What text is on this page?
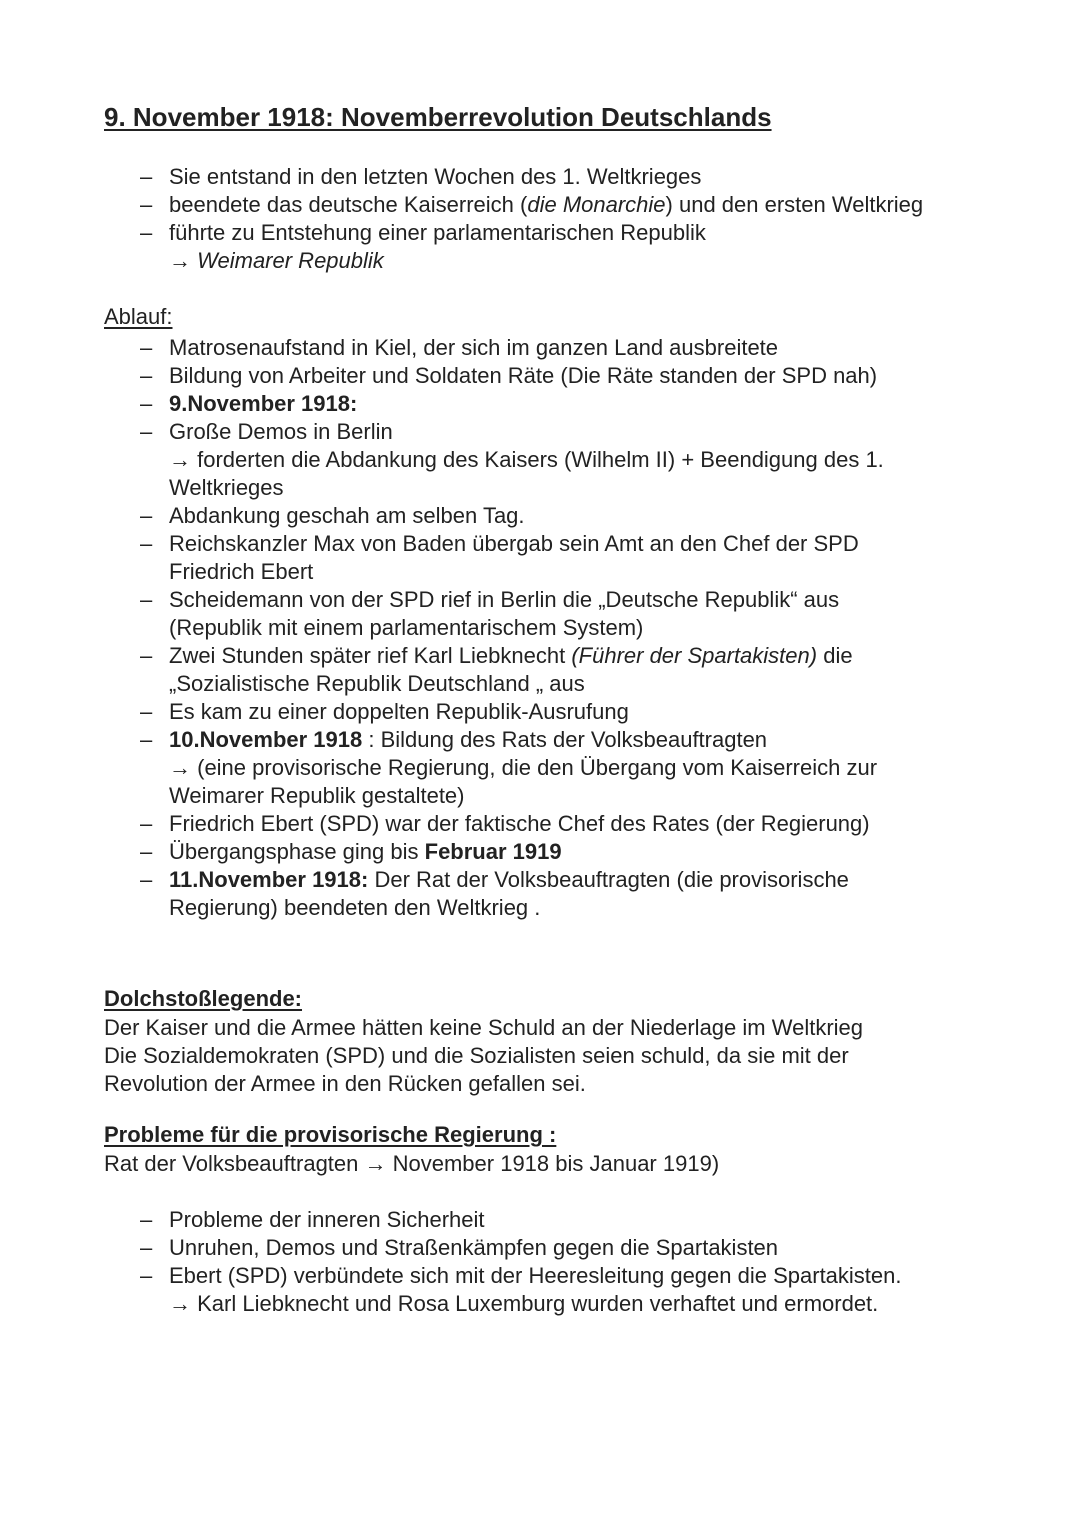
9. November 1918: Novemberrevolution Deutschlands
– Sie entstand in den letzten Wochen des 1. Weltkrieges
– beendete das deutsche Kaiserreich (die Monarchie) und den ersten Weltkrieg
– führte zu Entstehung einer parlamentarischen Republik
→ Weimarer Republik
Ablauf:
– Matrosenaufstand in Kiel, der sich im ganzen Land ausbreitete
– Bildung von Arbeiter und Soldaten Räte (Die Räte standen der SPD nah)
– 9.November 1918:
– Große Demos in Berlin
→ forderten die Abdankung des Kaisers (Wilhelm II) + Beendigung des 1. Weltkrieges
– Abdankung geschah am selben Tag.
– Reichskanzler Max von Baden übergab sein Amt an den Chef der SPD Friedrich Ebert
– Scheidemann von der SPD rief in Berlin die „Deutsche Republik“ aus (Republik mit einem parlamentarischem System)
– Zwei Stunden später rief Karl Liebknecht (Führer der Spartakisten) die „Sozialistische Republik Deutschland „ aus
– Es kam zu einer doppelten Republik-Ausrufung
– 10.November 1918 : Bildung des Rats der Volksbeauftragten
→ (eine provisorische Regierung, die den Übergang vom Kaiserreich zur Weimarer Republik gestaltete)
– Friedrich Ebert (SPD) war der faktische Chef des Rates (der Regierung)
– Übergangsphase ging bis Februar 1919
– 11.November 1918: Der Rat der Volksbeauftragten (die provisorische Regierung) beendeten den Weltkrieg .
Dolchstoßlegende:

Der Kaiser und die Armee hätten keine Schuld an der Niederlage im Weltkrieg

Die Sozialdemokraten (SPD) und die Sozialisten seien schuld, da sie mit der Revolution der Armee in den Rücken gefallen sei.

Probleme für die provisorische Regierung :
Rat der Volksbeauftragten → November 1918 bis Januar 1919)
– Probleme der inneren Sicherheit
– Unruhen, Demos und Straßenkämpfen gegen die Spartakisten
– Ebert (SPD) verbündete sich mit der Heeresleitung gegen die Spartakisten.
→ Karl Liebknecht und Rosa Luxemburg wurden verhaftet und ermordet.
